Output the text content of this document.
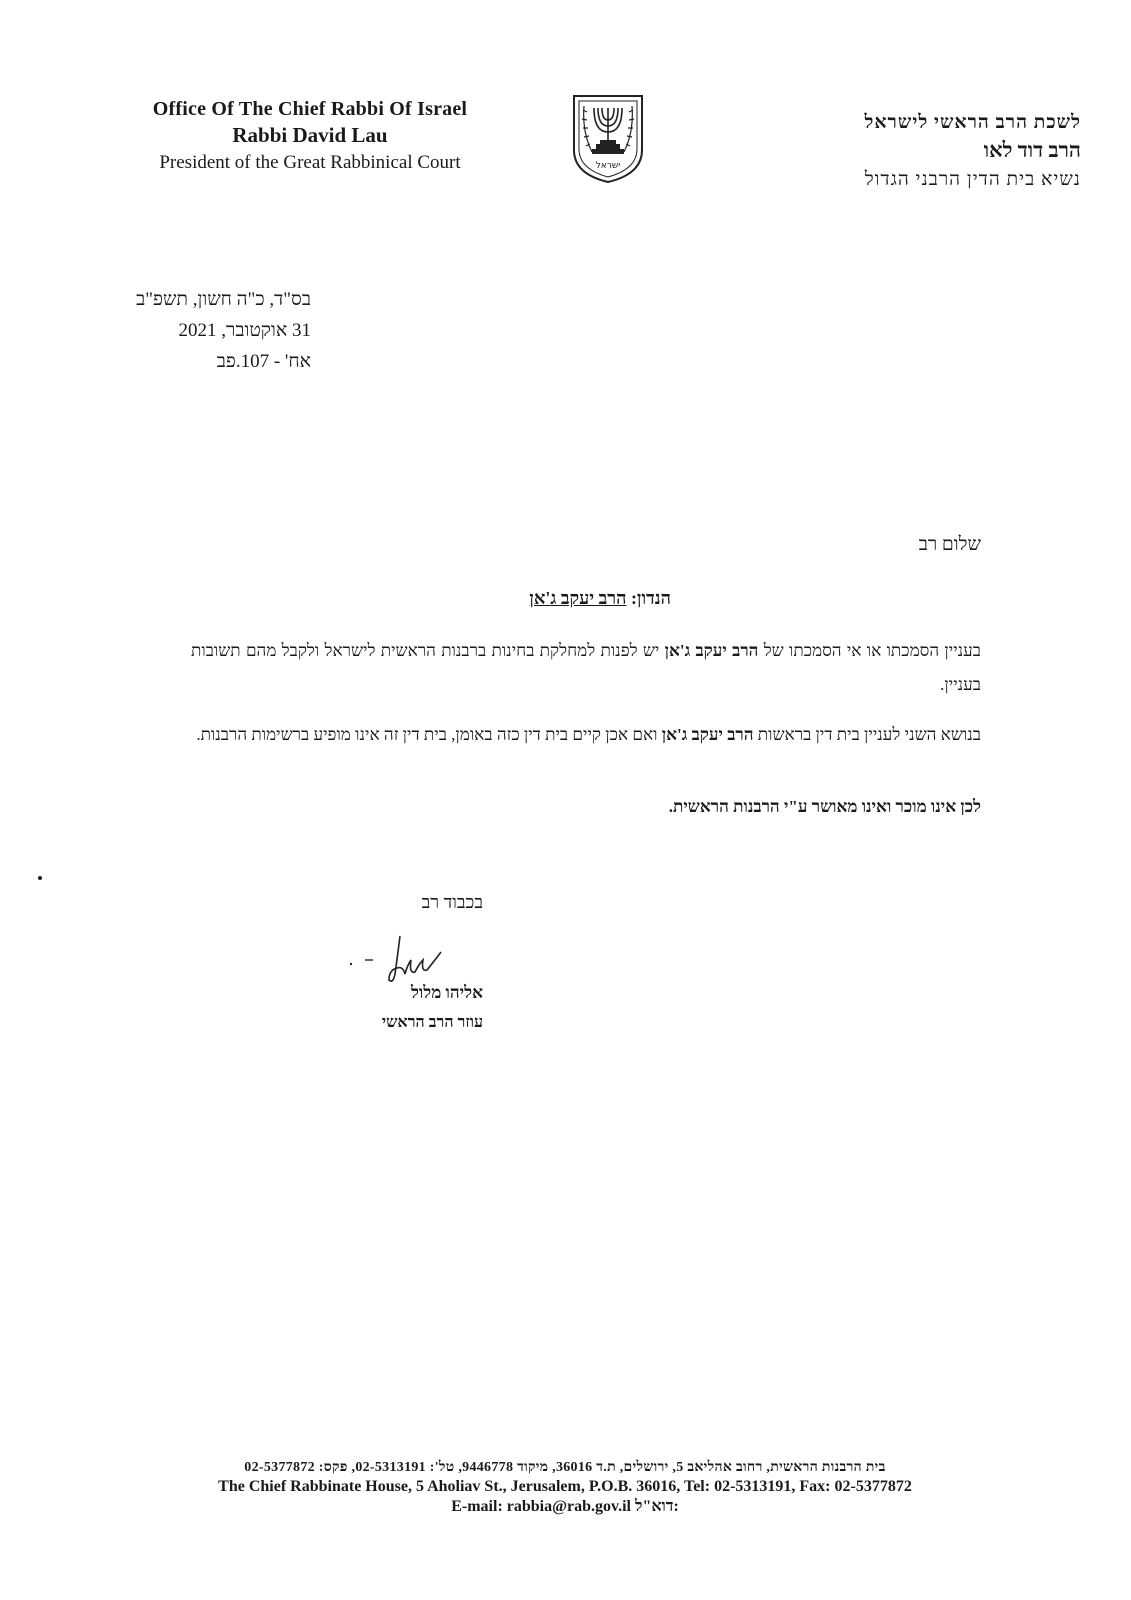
Office Of The Chief Rabbi Of Israel
Rabbi David Lau
President of the Great Rabbinical Court	ישראל
לשכת הרב הראשי לישראל
הרב דוד לאו
נשיא בית הדין הרבני הגדול
בס"ד, כ"ה חשון, תשפ"ב
31 אוקטובר, 2021
אח' - 107.פב
שלום רב
הנדון: הרב יעקב ג'אן
בעניין הסמכתו או אי הסמכתו של הרב יעקב ג'אן יש לפנות למחלקת בחינות ברבנות הראשית לישראל ולקבל מהם תשובות בעניין.
בנושא השני לעניין בית דין בראשות הרב יעקב ג'אן ואם אכן קיים בית דין כזה באומן, בית דין זה אינו מופיע ברשימות הרבנות.
לכן אינו מוכר ואינו מאושר ע"י הרבנות הראשית.
בכבוד רב
אליהו מלול
עוזר הרב הראשי
בית הרבנות הראשית, רחוב אהליאב 5, ירושלים, ת.ד 36016, מיקוד 9446778, טל': 02-5313191, פקס: 02-5377872
The Chief Rabbinate House, 5 Aholiav St., Jerusalem, P.O.B. 36016, Tel: 02-5313191, Fax: 02-5377872
E-mail: rabbia@rab.gov.il דוא"ל:
